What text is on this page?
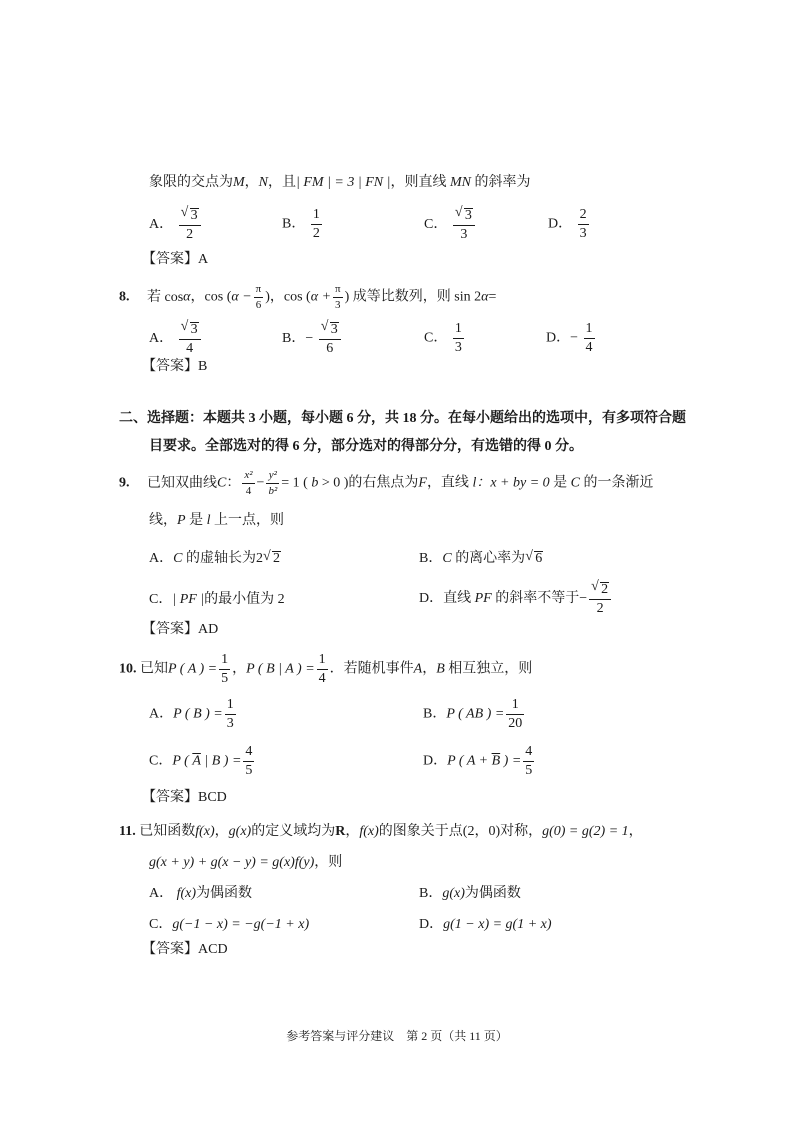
象限的交点为M，N，且| FM | = 3 | FN |，则直线 MN 的斜率为
A． √ $\frac{3}{2}$	B． $\frac{1}{2}$	C． √ $\frac{3}{3}$	D． $\frac{2}{3}$
【答案】A
8. 若 cosα，$\cos (\alpha - \frac{\pi}{6}$ )，$\cos (\alpha + \frac{\pi}{3}$ ) 成等比数列，则 sin 2α=
A． √ $\frac{3}{4}$	B．− √ $\frac{3}{6}$	C． $\frac{1}{3}$	D．− $\frac{1}{4}$
【答案】B
二、选择题：本题共 3 小题，每小题 6 分，共 18 分。在每小题给出的选项中，有多项符合题
目要求。全部选对的得 6 分，部分选对的得部分分，有选错的得 0 分。
9. 已知双曲线C： $\frac{\text{x²}}{4} - \frac{\text{y²}}{\text{b²}} = 1$ ( b > 0 )的右焦点为F，直线 l：x + by = 0 是 C 的一条渐近
线，P 是 l 上一点，则
A．C 的虚轴长为2 √ 2	B．C 的离心率为 √ 6
C．| PF |的最小值为 2	D．直线 PF 的斜率不等于− √ $\frac{2}{2}$
【答案】AD
10. 已知P ( A ) = $\frac{1}{5}$ ，P ( B | A ) = $\frac{1}{4}$ ．若随机事件A，B 相互独立，则
A．P ( B ) = $\frac{1}{3}$	B．P ( AB ) = $\frac{1}{20}$
C．P ( $\overline{A}$ | B ) = $\frac{4}{5}$	D．P ( $A + \overline{B}$ ) = $\frac{4}{5}$
【答案】BCD
11. 已知函数f(x)，g(x)的定义域均为R，f(x)的图象关于点(2，0)对称，g(0) = g(2) = 1，
g(x + y) + g(x − y) = g(x)f(y)，则
A． f(x)为偶函数	B．g(x)为偶函数
C．g(−1 − x) = −g(−1 + x)	D．g(1 − x) = g(1 + x)
【答案】ACD
参考答案与评分建议　第 2 页（共 11 页）
